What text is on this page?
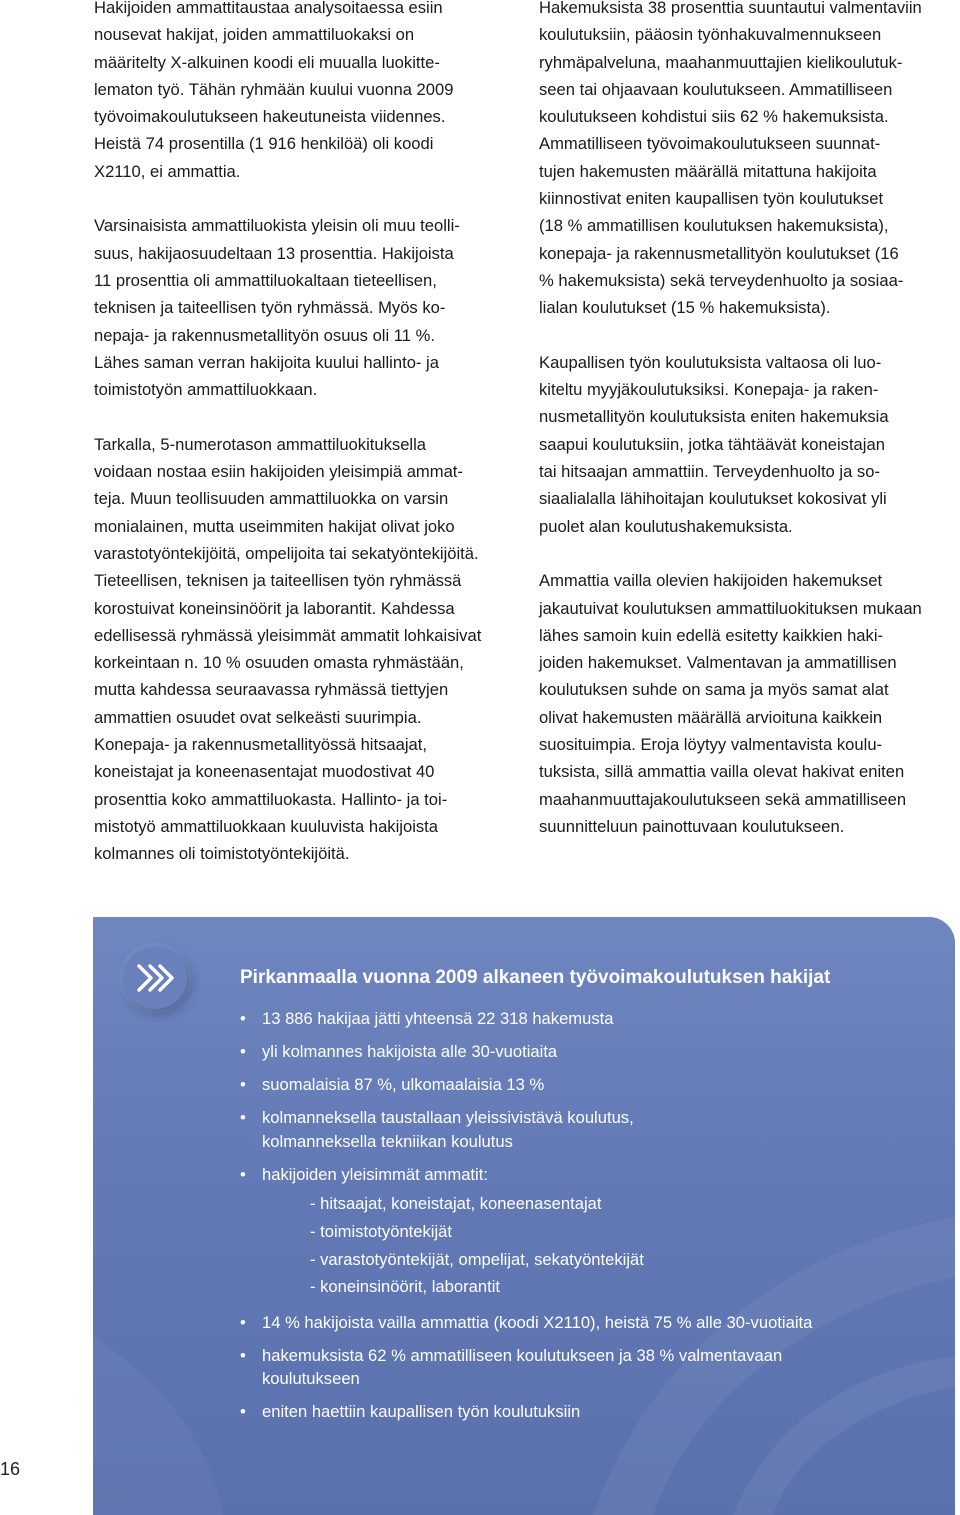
Hakijoiden ammattitaustaa analysoitaessa esiin
nousevat hakijat, joiden ammattiluokaksi on
määritelty X-alkuinen koodi eli muualla luokitte-
lematon työ. Tähän ryhmään kuului vuonna 2009
työvoimakoulutukseen hakeutuneista viidennes.
Heistä 74 prosentilla (1 916 henkilöä) oli koodi
X2110, ei ammattia.

Varsinaisista ammattiluokista yleisin oli muu teolli-
suus, hakijaosuudeltaan 13 prosenttia. Hakijoista
11 prosenttia oli ammattiluokaltaan tieteellisen,
teknisen ja taiteellisen työn ryhmässä. Myös ko-
nepaja- ja rakennusmetallityön osuus oli 11 %.
Lähes saman verran hakijoita kuului hallinto- ja
toimistotyön ammattiluokkaan.

Tarkalla, 5-numerotason ammattiluokituksella
voidaan nostaa esiin hakijoiden yleisimpiä ammat-
teja. Muun teollisuuden ammattiluokka on varsin
monialainen, mutta useimmiten hakijat olivat joko
varastotyöntekijöitä, ompelijoita tai sekatyöntekijöitä.
Tieteellisen, teknisen ja taiteellisen työn ryhmässä
korostuivat koneinsinöörit ja laborantit. Kahdessa
edellisessä ryhmässä yleisimmät ammatit lohkaisivat
korkeintaan n. 10 % osuuden omasta ryhmästään,
mutta kahdessa seuraavassa ryhmässä tiettyjen
ammattien osuudet ovat selkeästi suurimpia.
Konepaja- ja rakennusmetallityössä hitsaajat,
koneistajat ja koneenasentajat muodostivat 40
prosenttia koko ammattiluokasta. Hallinto- ja toi-
mistotyö ammattiluokkaan kuuluvista hakijoista
kolmannes oli toimistotyöntekijöitä.

Hakemuksista 38 prosenttia suuntautui valmentaviin
koulutuksiin, pääosin työnhakuvalmennukseen
ryhmäpalveluna, maahanmuuttajien kielikoulutuk-
seen tai ohjaavaan koulutukseen. Ammatilliseen
koulutukseen kohdistui siis 62 % hakemuksista.
Ammatilliseen työvoimakoulutukseen suunnat-
tujen hakemusten määrällä mitattuna hakijoita
kiinnostivat eniten kaupallisen työn koulutukset
(18 % ammatillisen koulutuksen hakemuksista),
konepaja- ja rakennusmetallityön koulutukset (16
% hakemuksista) sekä terveydenhuolto ja sosiaa-
lialan koulutukset (15 % hakemuksista).

Kaupallisen työn koulutuksista valtaosa oli luo-
kiteltu myyjäkoulutuksiksi. Konepaja- ja raken-
nusmetallityön koulutuksista eniten hakemuksia
saapui koulutuksiin, jotka tähtäävät koneistajan
tai hitsaajan ammattiin. Terveydenhuolto ja so-
siaalialalla lähihoitajan koulutukset kokosivat yli
puolet alan koulutushakemuksista.

Ammattia vailla olevien hakijoiden hakemukset
jakautuivat koulutuksen ammattiluokituksen mukaan
lähes samoin kuin edellä esitetty kaikkien haki-
joiden hakemukset. Valmentavan ja ammatillisen
koulutuksen suhde on sama ja myös samat alat
olivat hakemusten määrällä arvioituna kaikkein
suosituimpia. Eroja löytyy valmentavista koulu-
tuksista, sillä ammattia vailla olevat hakivat eniten
maahanmuuttajakoulutukseen sekä ammatilliseen
suunnitteluun painottuvaan koulutukseen.

Pirkanmaalla vuonna 2009 alkaneen työvoimakoulutuksen hakijat
• 13 886 hakijaa jätti yhteensä 22 318 hakemusta
• yli kolmannes hakijoista alle 30-vuotiaita
• suomalaisia 87 %, ulkomaalaisia 13 %
• kolmanneksella taustallaan yleissivistävä koulutus,
kolmanneksella tekniikan koulutus
• hakijoiden yleisimmät ammatit:
- hitsaajat, koneistajat, koneenasentajat
- toimistotyöntekijät
- varastotyöntekijät, ompelijat, sekatyöntekijät
- koneinsinöörit, laborantit
• 14 % hakijoista vailla ammattia (koodi X2110), heistä 75 % alle 30-vuotiaita
• hakemuksista 62 % ammatilliseen koulutukseen ja 38 % valmentavaan
koulutukseen
• eniten haettiin kaupallisen työn koulutuksiin
16
